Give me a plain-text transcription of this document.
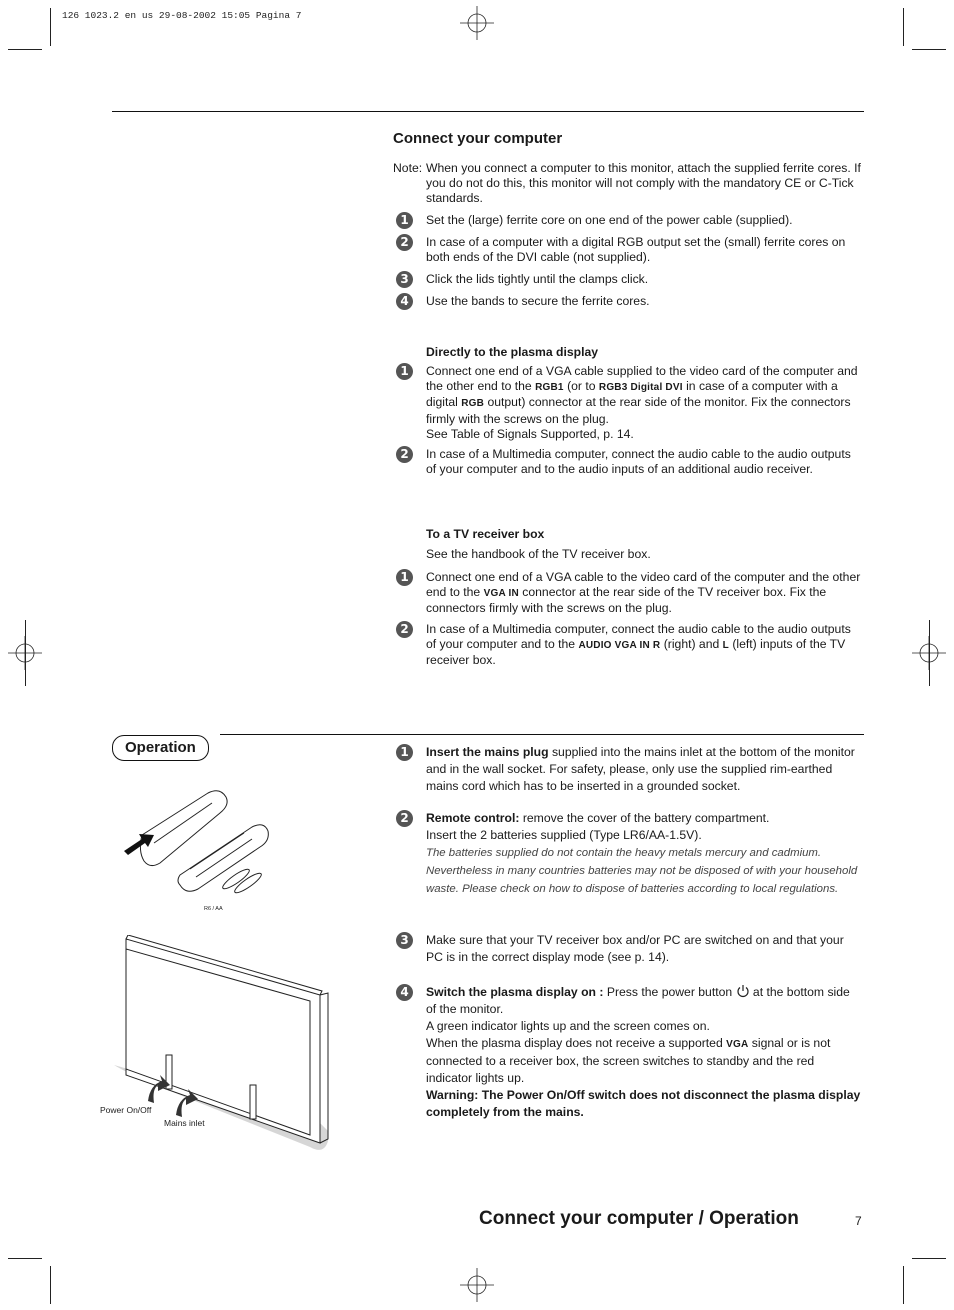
126 1023.2 en us 29-08-2002 15:05 Pagina 7
Connect your computer
Note: When you connect a computer to this monitor, attach the supplied ferrite cores. If you do not do this, this monitor will not comply with the mandatory CE or C-Tick standards.
1	Set the (large) ferrite core on one end of the power cable (supplied).
2	In case of a computer with a digital RGB output set the (small) ferrite cores on both ends of the DVI cable (not supplied).
3	Click the lids tightly until the clamps click.
4	Use the bands to secure the ferrite cores.
Directly to the plasma display
1	Connect one end of a VGA cable supplied to the video card of the computer and the other end to the RGB1 (or to RGB3 Digital DVI in case of a computer with a digital RGB output) connector at the rear side of the monitor. Fix the connectors firmly with the screws on the plug.
See Table of Signals Supported, p. 14.
2	In case of a Multimedia computer, connect the audio cable to the audio outputs of your computer and to the audio inputs of an additional audio receiver.
To a TV receiver box
See the handbook of the TV receiver box.
1	Connect one end of a VGA cable to the video card of the computer and the other end to the VGA IN connector at the rear side of the TV receiver box. Fix the connectors firmly with the screws on the plug.
2	In case of a Multimedia computer, connect the audio cable to the audio outputs of your computer and to the AUDIO VGA IN R (right) and L (left) inputs of the TV receiver box.
Operation	1	Insert the mains plug supplied into the mains inlet at the bottom of the monitor and in the wall socket. For safety, please, only use the supplied rim-earthed mains cord which has to be inserted in a grounded socket.
2	Remote control: remove the cover of the battery compartment.
Insert the 2 batteries supplied (Type LR6/AA-1.5V).
The batteries supplied do not contain the heavy metals mercury and cadmium. Nevertheless in many countries batteries may not be disposed of with your household waste. Please check on how to dispose of batteries according to local regulations.
3	Make sure that your TV receiver box and/or PC are switched on and that your PC is in the correct display mode (see p. 14).
4	Switch the plasma display on : Press the power button  at the bottom side of the monitor.
A green indicator lights up and the screen comes on.
When the plasma display does not receive a supported VGA signal or is not connected to a receiver box, the screen switches to standby and the red indicator lights up.
Warning: The Power On/Off switch does not disconnect the plasma display completely from the mains.
R6 / AA
Power On/Off
Mains inlet
Connect your computer / Operation	7
